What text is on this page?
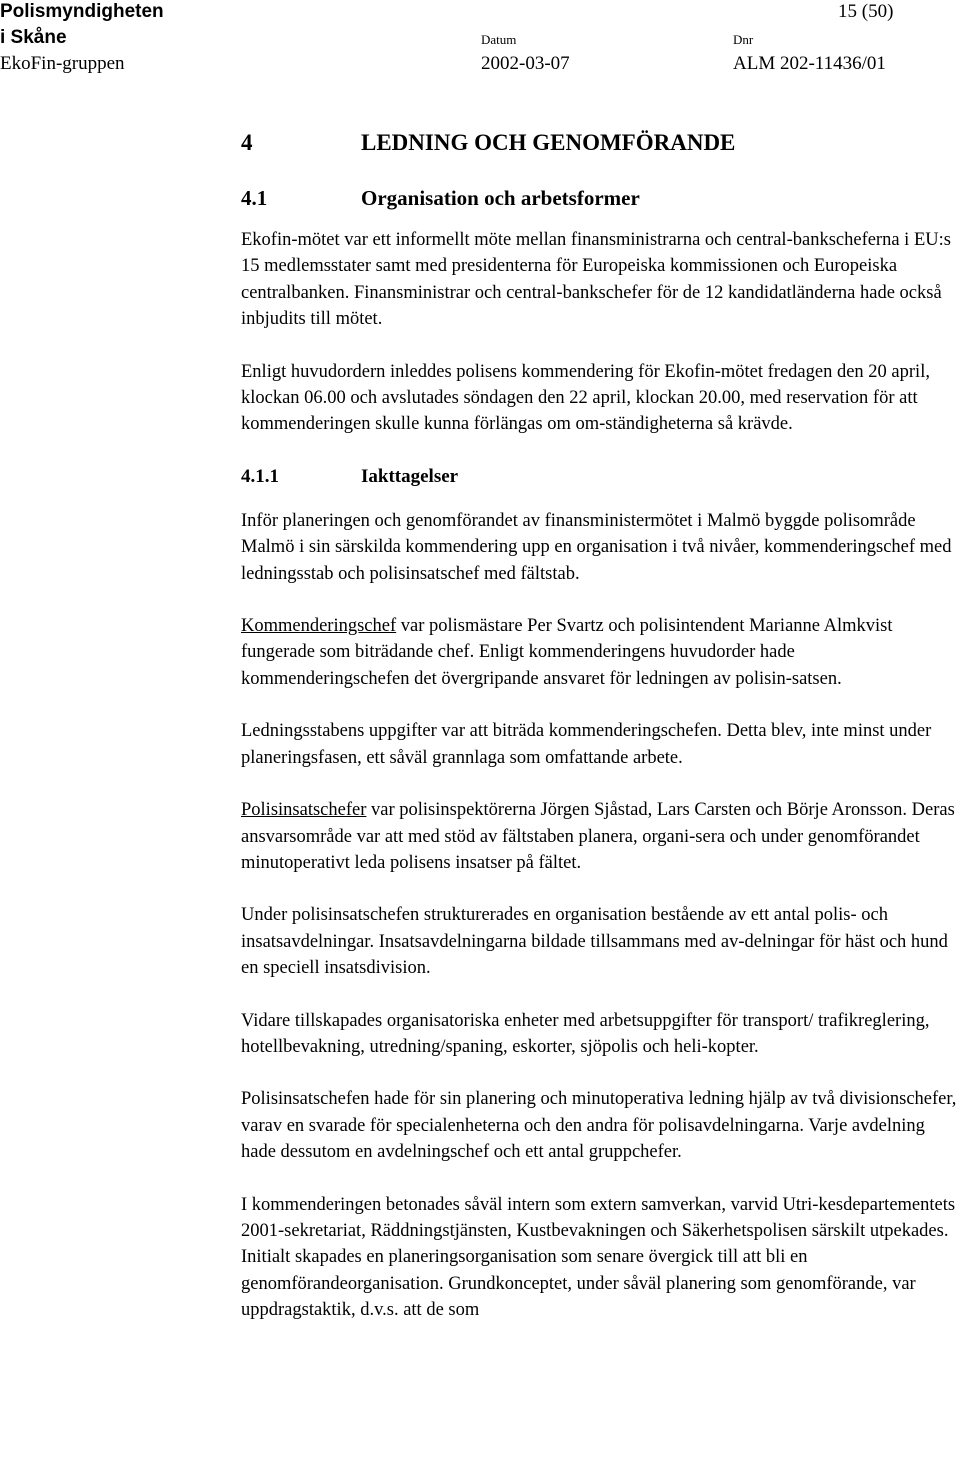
Polismyndigheten
i Skåne
EkoFin-gruppen
15 (50)
Datum
2002-03-07
Dnr
ALM 202-11436/01
4	LEDNING OCH GENOMFÖRANDE
4.1	Organisation och arbetsformer

Ekofin-mötet var ett informellt möte mellan finansministrarna och central-bankscheferna i EU:s 15 medlemsstater samt med presidenterna för Europeiska kommissionen och Europeiska centralbanken. Finansministrar och central-bankschefer för de 12 kandidatländerna hade också inbjudits till mötet.

Enligt huvudordern inleddes polisens kommendering för Ekofin-mötet fredagen den 20 april, klockan 06.00 och avslutades söndagen den 22 april, klockan 20.00, med reservation för att kommenderingen skulle kunna förlängas om om-ständigheterna så krävde.

4.1.1	Iakttagelser

Inför planeringen och genomförandet av finansministermötet i Malmö byggde polisområde Malmö i sin särskilda kommendering upp en organisation i två nivåer, kommenderingschef med ledningsstab och polisinsatschef med fältstab.

Kommenderingschef var polismästare Per Svartz och polisintendent Marianne Almkvist fungerade som biträdande chef. Enligt kommenderingens huvudorder hade kommenderingschefen det övergripande ansvaret för ledningen av polisin-satsen.

Ledningsstabens uppgifter var att biträda kommenderingschefen. Detta blev, inte minst under planeringsfasen, ett såväl grannlaga som omfattande arbete.

Polisinsatschefer var polisinspektörerna Jörgen Sjåstad, Lars Carsten och Börje Aronsson. Deras ansvarsområde var att med stöd av fältstaben planera, organi-sera och under genomförandet minutoperativt leda polisens insatser på fältet.

Under polisinsatschefen strukturerades en organisation bestående av ett antal polis- och insatsavdelningar. Insatsavdelningarna bildade tillsammans med av-delningar för häst och hund en speciell insatsdivision.

Vidare tillskapades organisatoriska enheter med arbetsuppgifter för transport/ trafikreglering, hotellbevakning, utredning/spaning, eskorter, sjöpolis och heli-kopter.

Polisinsatschefen hade för sin planering och minutoperativa ledning hjälp av två divisionschefer, varav en svarade för specialenheterna och den andra för polisavdelningarna. Varje avdelning hade dessutom en avdelningschef och ett antal gruppchefer.

I kommenderingen betonades såväl intern som extern samverkan, varvid Utri-kesdepartementets 2001-sekretariat, Räddningstjänsten, Kustbevakningen och Säkerhetspolisen särskilt utpekades. Initialt skapades en planeringsorganisation som senare övergick till att bli en genomförandeorganisation. Grundkonceptet, under såväl planering som genomförande, var uppdragstaktik, d.v.s. att de som
